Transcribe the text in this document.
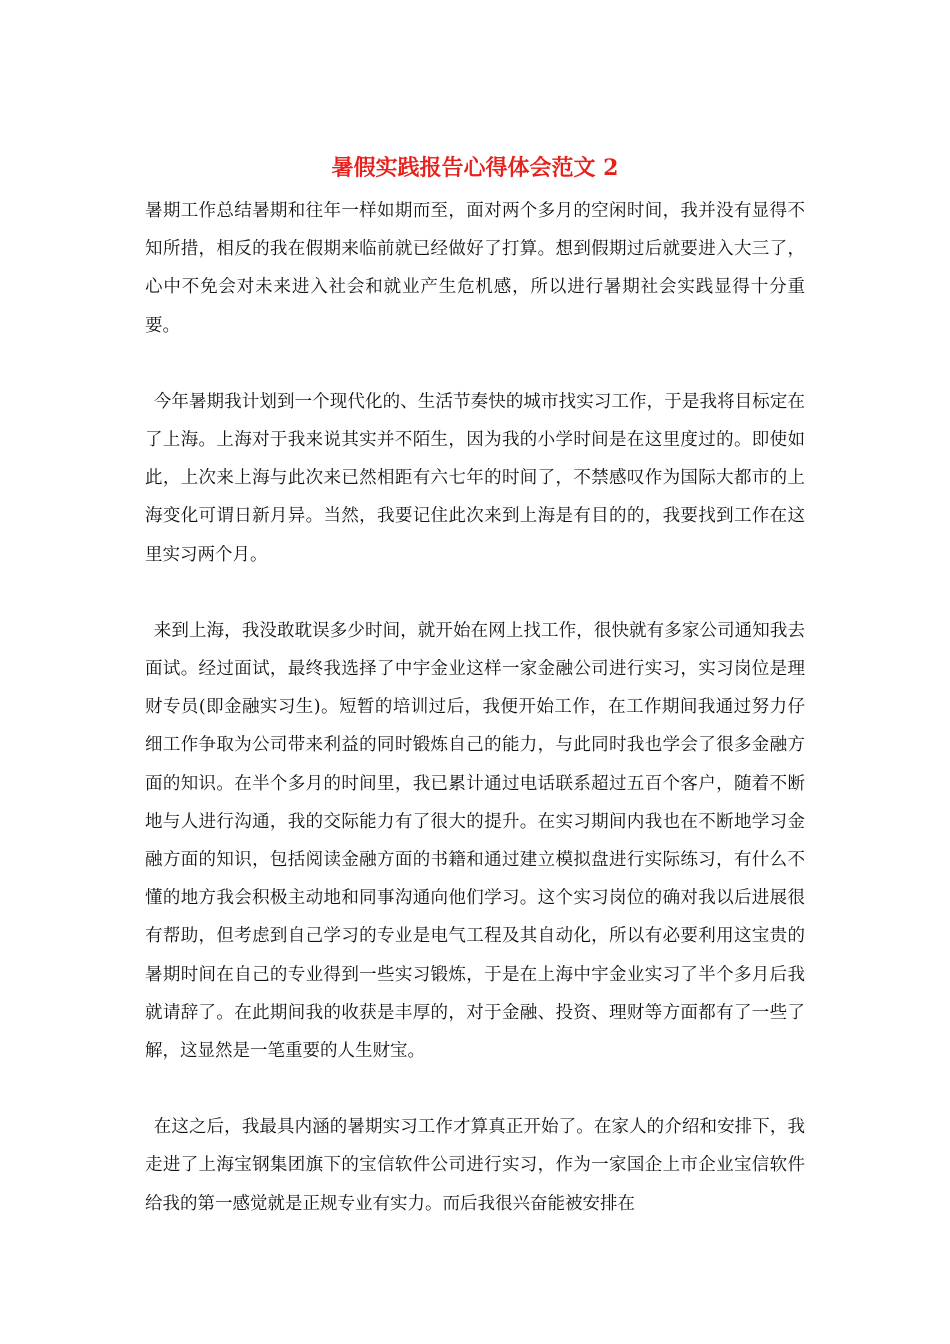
暑假实践报告心得体会范文 2

暑期工作总结暑期和往年一样如期而至，面对两个多月的空闲时间，我并没有显得不知所措，相反的我在假期来临前就已经做好了打算。想到假期过后就要进入大三了，心中不免会对未来进入社会和就业产生危机感，所以进行暑期社会实践显得十分重要。

今年暑期我计划到一个现代化的、生活节奏快的城市找实习工作，于是我将目标定在了上海。上海对于我来说其实并不陌生，因为我的小学时间是在这里度过的。即使如此，上次来上海与此次来已然相距有六七年的时间了，不禁感叹作为国际大都市的上海变化可谓日新月异。当然，我要记住此次来到上海是有目的的，我要找到工作在这里实习两个月。

来到上海，我没敢耽误多少时间，就开始在网上找工作，很快就有多家公司通知我去面试。经过面试，最终我选择了中宇金业这样一家金融公司进行实习，实习岗位是理财专员(即金融实习生)。短暂的培训过后，我便开始工作，在工作期间我通过努力仔细工作争取为公司带来利益的同时锻炼自己的能力，与此同时我也学会了很多金融方面的知识。在半个多月的时间里，我已累计通过电话联系超过五百个客户，随着不断地与人进行沟通，我的交际能力有了很大的提升。在实习期间内我也在不断地学习金融方面的知识，包括阅读金融方面的书籍和通过建立模拟盘进行实际练习，有什么不懂的地方我会积极主动地和同事沟通向他们学习。这个实习岗位的确对我以后进展很有帮助，但考虑到自己学习的专业是电气工程及其自动化，所以有必要利用这宝贵的暑期时间在自己的专业得到一些实习锻炼，于是在上海中宇金业实习了半个多月后我就请辞了。在此期间我的收获是丰厚的，对于金融、投资、理财等方面都有了一些了解，这显然是一笔重要的人生财宝。

在这之后，我最具内涵的暑期实习工作才算真正开始了。在家人的介绍和安排下，我走进了上海宝钢集团旗下的宝信软件公司进行实习，作为一家国企上市企业宝信软件给我的第一感觉就是正规专业有实力。而后我很兴奋能被安排在
